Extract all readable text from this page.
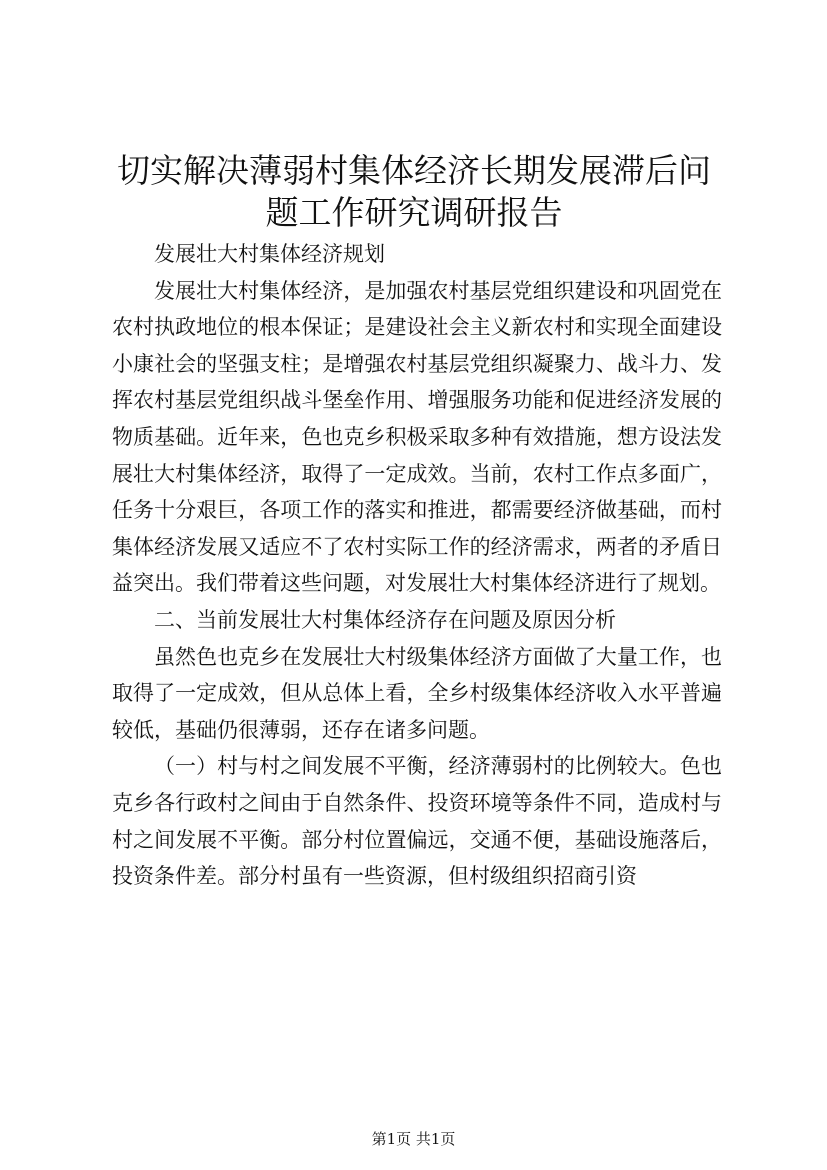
切实解决薄弱村集体经济长期发展滞后问题工作研究调研报告

发展壮大村集体经济规划

发展壮大村集体经济，是加强农村基层党组织建设和巩固党在农村执政地位的根本保证；是建设社会主义新农村和实现全面建设小康社会的坚强支柱；是增强农村基层党组织凝聚力、战斗力、发挥农村基层党组织战斗堡垒作用、增强服务功能和促进经济发展的物质基础。近年来，色也克乡积极采取多种有效措施，想方设法发展壮大村集体经济，取得了一定成效。当前，农村工作点多面广，任务十分艰巨，各项工作的落实和推进，都需要经济做基础，而村集体经济发展又适应不了农村实际工作的经济需求，两者的矛盾日益突出。我们带着这些问题，对发展壮大村集体经济进行了规划。

二、当前发展壮大村集体经济存在问题及原因分析

虽然色也克乡在发展壮大村级集体经济方面做了大量工作，也取得了一定成效，但从总体上看，全乡村级集体经济收入水平普遍较低，基础仍很薄弱，还存在诸多问题。

（一）村与村之间发展不平衡，经济薄弱村的比例较大。色也克乡各行政村之间由于自然条件、投资环境等条件不同，造成村与村之间发展不平衡。部分村位置偏远，交通不便，基础设施落后，投资条件差。部分村虽有一些资源，但村级组织招商引资

第1页 共1页
